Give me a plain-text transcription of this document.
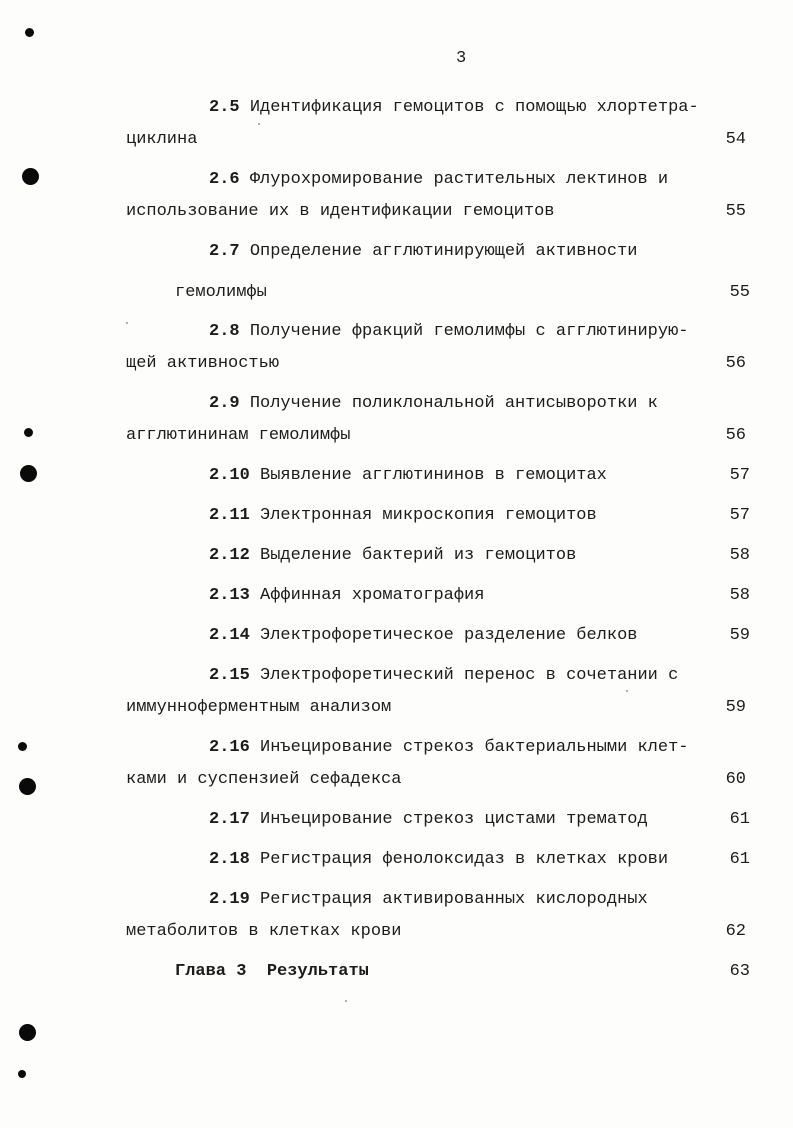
3
2.5 Идентификация гемоцитов с помощью хлортетра-
циклина	54
2.6 Флурохромирование растительных лектинов и
использование их в идентификации гемоцитов	55
2.7 Определение агглютинирующей активности
гемолимфы	55
2.8 Получение фракций гемолимфы с агглютинирую-
щей активностью	56
2.9 Получение поликлональной антисыворотки к
агглютининам гемолимфы	56
2.10 Выявление агглютининов в гемоцитах	57
2.11 Электронная микроскопия гемоцитов	57
2.12 Выделение бактерий из гемоцитов	58
2.13 Аффинная хроматография	58
2.14 Электрофоретическое разделение белков	59
2.15 Электрофоретический перенос в сочетании с
иммунноферментным анализом	59
2.16 Инъецирование стрекоз бактериальными клет-
ками и суспензией сефадекса	60
2.17 Инъецирование стрекоз цистами трематод	61
2.18 Регистрация фенолоксидаз в клетках крови	61
2.19 Регистрация активированных кислородных
метаболитов в клетках крови	62
Глава 3 Результаты	63
